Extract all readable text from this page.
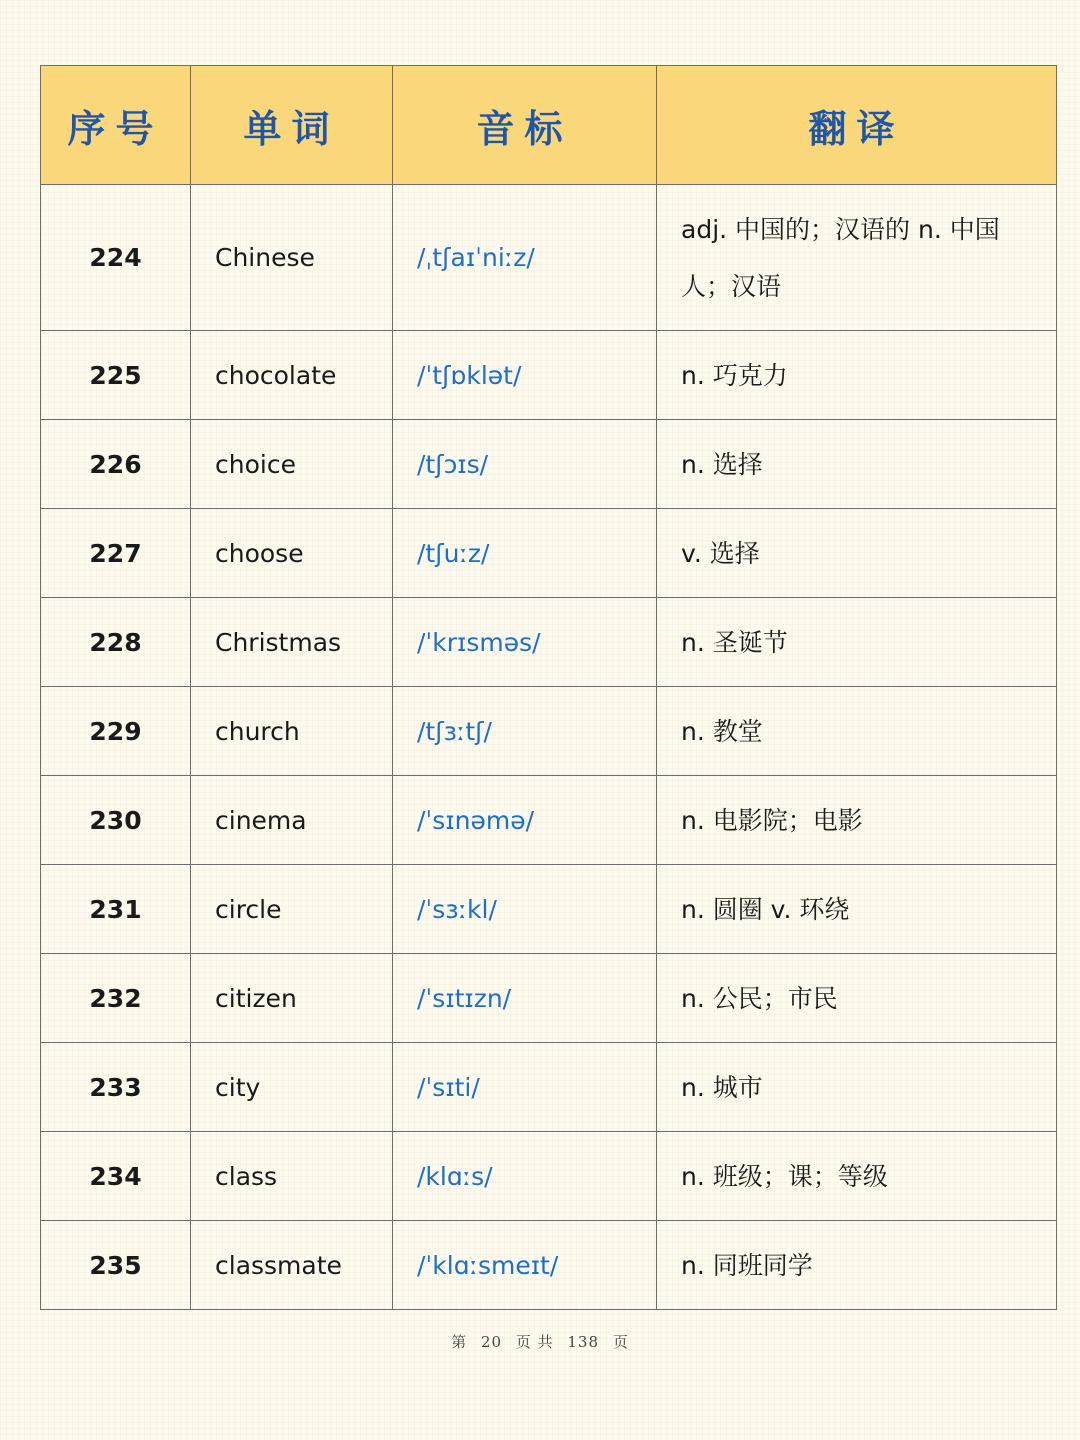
序号	单词	音标	翻译
224	Chinese	/ˌtʃaɪˈniːz/	adj. 中国的；汉语的 n. 中国人；汉语
225	chocolate	/ˈtʃɒklət/	n. 巧克力
226	choice	/tʃɔɪs/	n. 选择
227	choose	/tʃuːz/	v. 选择
228	Christmas	/ˈkrɪsməs/	n. 圣诞节
229	church	/tʃɜːtʃ/	n. 教堂
230	cinema	/ˈsɪnəmə/	n. 电影院；电影
231	circle	/ˈsɜːkl/	n. 圆圈 v. 环绕
232	citizen	/ˈsɪtɪzn/	n. 公民；市民
233	city	/ˈsɪti/	n. 城市
234	class	/klɑːs/	n. 班级；课；等级
235	classmate	/ˈklɑːsmeɪt/	n. 同班同学
第 20 页 共 138 页
